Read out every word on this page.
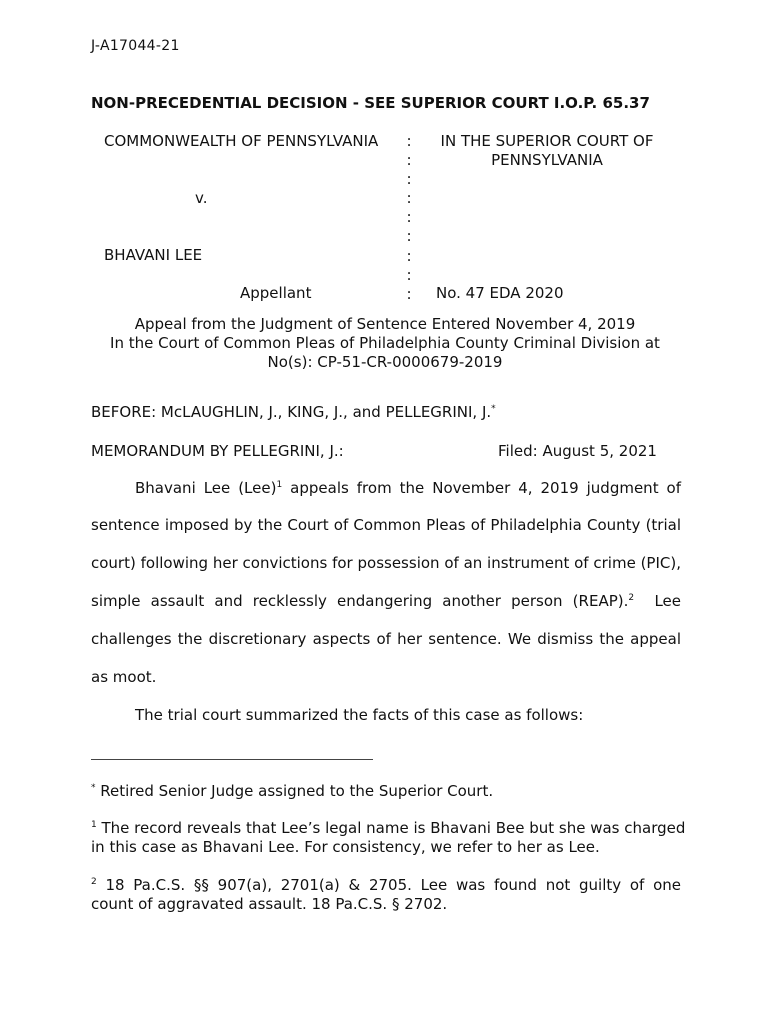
J-A17044-21
NON-PRECEDENTIAL DECISION - SEE SUPERIOR COURT I.O.P. 65.37
COMMONWEALTH OF PENNSYLVANIA
v.
BHAVANI LEE
Appellant
:
:
:
:
:
:
:
:
:
IN THE SUPERIOR COURT OF
PENNSYLVANIA
No. 47 EDA 2020
Appeal from the Judgment of Sentence Entered November 4, 2019
In the Court of Common Pleas of Philadelphia County Criminal Division at
No(s): CP-51-CR-0000679-2019
BEFORE: McLAUGHLIN, J., KING, J., and PELLEGRINI, J.*
MEMORANDUM BY PELLEGRINI, J.:	Filed: August 5, 2021
Bhavani Lee (Lee)$^1$ appeals from the November 4, 2019 judgment of
sentence imposed by the Court of Common Pleas of Philadelphia County (trial
court) following her convictions for possession of an instrument of crime (PIC),
simple assault and recklessly endangering another person (REAP).$^2$  Lee
challenges the discretionary aspects of her sentence. We dismiss the appeal
as moot.
The trial court summarized the facts of this case as follows:
* Retired Senior Judge assigned to the Superior Court.
$^1$ The record reveals that Lee’s legal name is Bhavani Bee but she was charged
in this case as Bhavani Lee. For consistency, we refer to her as Lee.
$^2$ 18 Pa.C.S. §§ 907(a), 2701(a) & 2705. Lee was found not guilty of one
count of aggravated assault. 18 Pa.C.S. § 2702.
